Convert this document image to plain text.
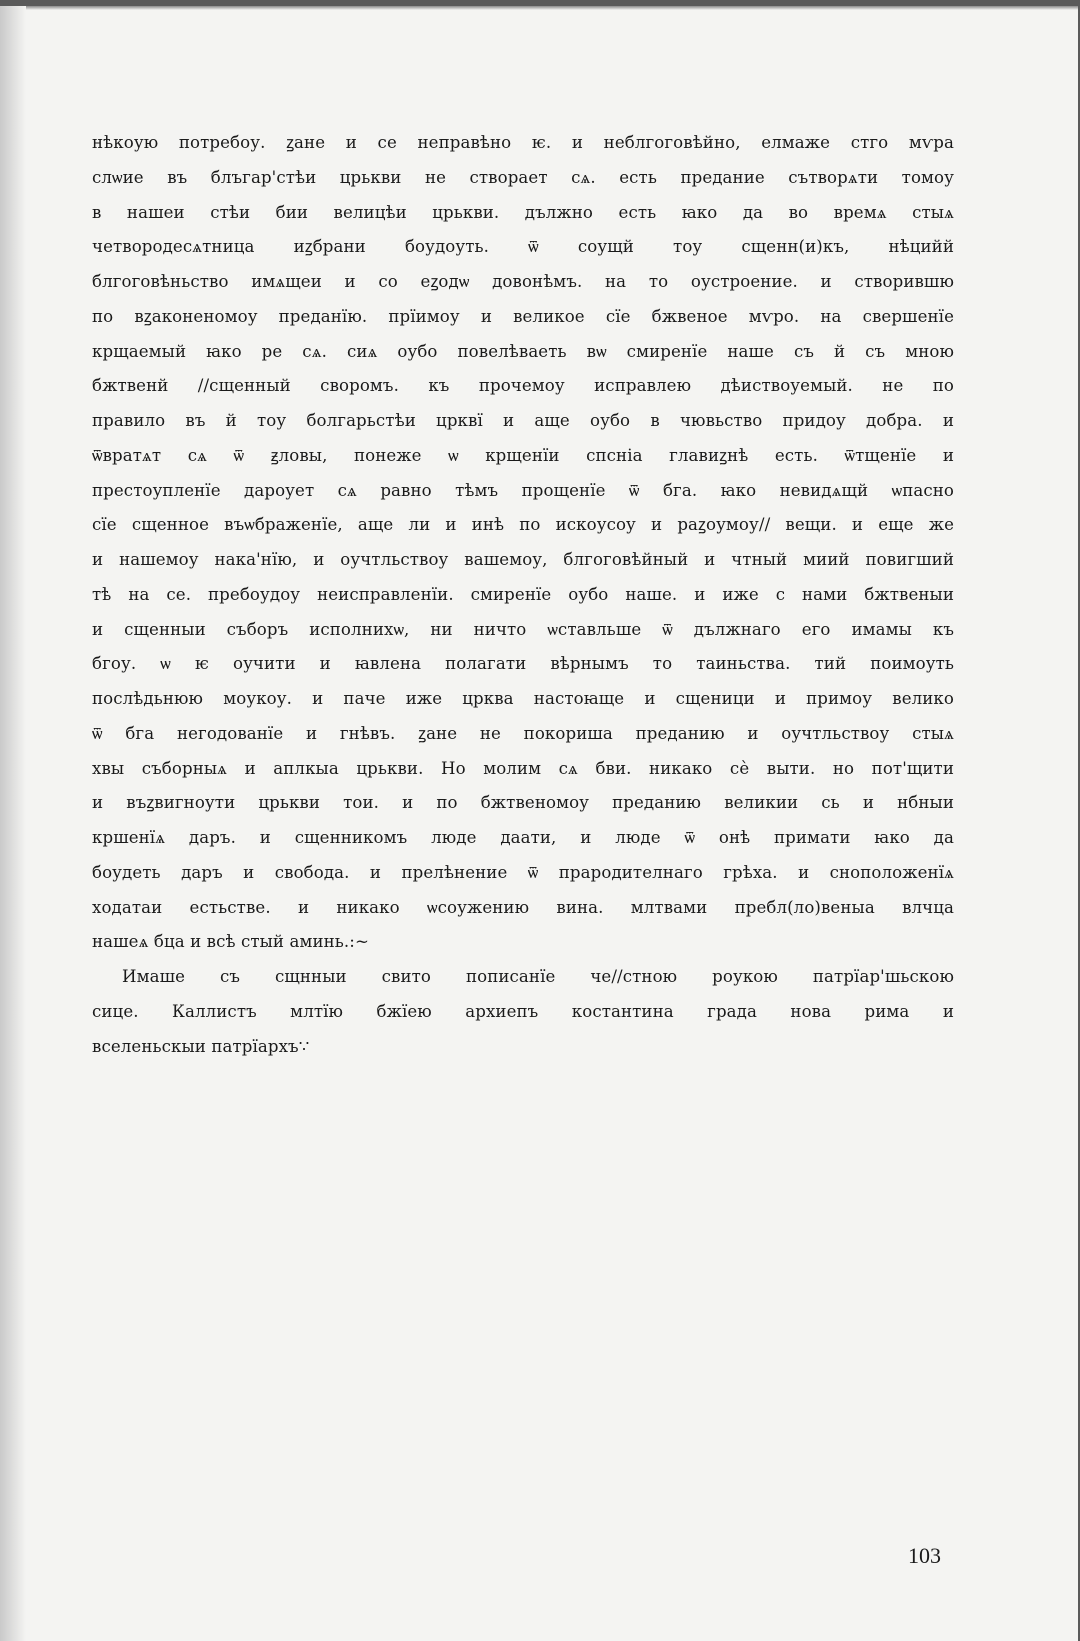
нѣкоую потребоу. ꙁане и се неправѣно ѥ. и неблгоговѣйно, елмаже стго мѵра
слѡие въ блъгар'стѣи црькви не створает сѧ. есть предание сътворѧти томоу
в нашеи стѣи бии велицѣи црькви. дължно есть ꙗко да во времѧ стыѧ
четвородесѧтница иꙁбрани боудоуть. ѿ соущй тоу сщенн(и)къ, нѣцийй
блгоговѣньство имѧщеи и со еꙁодѡ довонѣмъ. на то оустроение. и створившю
по вꙁаконеномоу преданїю. прїимоу и великое сїе бжвеное мѵро. на свершенїе
крщаемый ꙗко ре сѧ. сиѧ оубо повелѣваеть вѡ смиренїе наше съ й съ мною
бжтвенй //сщенный своромъ. къ прочемоу исправлею дѣиствоуемый. не по
правило въ й тоу болгарьстѣи црквї и аще оубо в чювьство придоу добра. и
ѿвратѧт сѧ ѿ ꙃловы, понеже ѡ крщенїи спсніа главиꙁнѣ есть. ѿтщенїе и
престоупленїе дароует сѧ равно тѣмъ прощенїе ѿ бга. ꙗко невидѧщй ѡпасно
сїе сщенное въѡбраженїе, аще ли и инѣ по искоусоу и раꙁоумоу// вещи. и еще же
и нашемоу нака'нїю, и оучтльствоу вашемоу, блгоговѣйный и чтный миий повигший
тѣ на се. пребоудоу неисправленїи. смиренїе оубо наше. и иже с нами бжтвеныи
и сщенныи съборъ исполнихѡ, ни ничто ѡставльше ѿ дължнаго его имамы къ
бгоу. ѡ ѥ оучити и ꙗвлена полагати вѣрнымъ то таиньства. тий поимоуть
послѣдьнюю моукоу. и паче иже црква настоꙗще и сщеници и примоу велико
ѿ бга негодованїе и гнѣвъ. ꙁане не покориша преданию и оучтльствоу стыѧ
хвы съборныѧ и аплкыа црькви. Но молим сѧ бви. никако сѐ выти. но пот'щити
и въꙁвигноути црькви тои. и по бжтвеномоу преданию великии сь и нбныи
кршенїѧ даръ. и сщенникомъ люде даати, и люде ѿ онѣ примати ꙗко да
боудеть даръ и свобода. и прелѣнение ѿ прародителнаго грѣха. и сноположенїѧ
ходатаи естьстве. и никако ѡсоужению вина. млтвами пребл(ло)веныа влчца
нашеѧ бца и всѣ стый аминь.:~
Имаше съ сщнныи свито пописанїе че//стною роукою патрїар'шьскою
сице. Каллистъ млтїю бжїею архиепъ костантина града нова рима и
вселеньскыи патрїархъ∵
103
